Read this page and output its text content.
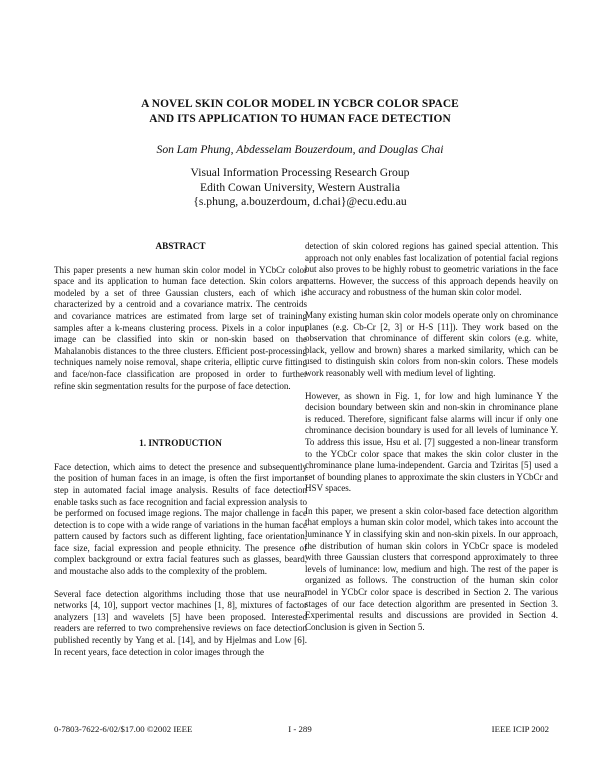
A NOVEL SKIN COLOR MODEL IN YCBCR COLOR SPACE
AND ITS APPLICATION TO HUMAN FACE DETECTION
Son Lam Phung, Abdesselam Bouzerdoum, and Douglas Chai
Visual Information Processing Research Group
Edith Cowan University, Western Australia
{s.phung, a.bouzerdoum, d.chai}@ecu.edu.au
ABSTRACT

This paper presents a new human skin color model in YCbCr color space and its application to human face detection. Skin colors are modeled by a set of three Gaussian clusters, each of which is characterized by a centroid and a covariance matrix. The centroids and covariance matrices are estimated from large set of training samples after a k-means clustering process. Pixels in a color input image can be classified into skin or non-skin based on the Mahalanobis distances to the three clusters. Efficient post-processing techniques namely noise removal, shape criteria, elliptic curve fitting and face/non-face classification are proposed in order to further refine skin segmentation results for the purpose of face detection.

1. INTRODUCTION

Face detection, which aims to detect the presence and subsequently the position of human faces in an image, is often the first important step in automated facial image analysis. Results of face detection enable tasks such as face recognition and facial expression analysis to be performed on focused image regions. The major challenge in face detection is to cope with a wide range of variations in the human face pattern caused by factors such as different lighting, face orientation, face size, facial expression and people ethnicity. The presence of complex background or extra facial features such as glasses, beard, and moustache also adds to the complexity of the problem.

Several face detection algorithms including those that use neural networks [4, 10], support vector machines [1, 8], mixtures of factor analyzers [13] and wavelets [5] have been proposed. Interested readers are referred to two comprehensive reviews on face detection published recently by Yang et al. [14], and by Hjelmas and Low [6]. In recent years, face detection in color images through the

detection of skin colored regions has gained special attention. This approach not only enables fast localization of potential facial regions but also proves to be highly robust to geometric variations in the face patterns. However, the success of this approach depends heavily on the accuracy and robustness of the human skin color model.

Many existing human skin color models operate only on chrominance planes (e.g. Cb-Cr [2, 3] or H-S [11]). They work based on the observation that chrominance of different skin colors (e.g. white, black, yellow and brown) shares a marked similarity, which can be used to distinguish skin colors from non-skin colors. These models work reasonably well with medium level of lighting.

However, as shown in Fig. 1, for low and high luminance Y the decision boundary between skin and non-skin in chrominance plane is reduced. Therefore, significant false alarms will incur if only one chrominance decision boundary is used for all levels of luminance Y. To address this issue, Hsu et al. [7] suggested a non-linear transform to the YCbCr color space that makes the skin color cluster in the chrominance plane luma-independent. Garcia and Tziritas [5] used a set of bounding planes to approximate the skin clusters in YCbCr and HSV spaces.

In this paper, we present a skin color-based face detection algorithm that employs a human skin color model, which takes into account the luminance Y in classifying skin and non-skin pixels. In our approach, the distribution of human skin colors in YCbCr space is modeled with three Gaussian clusters that correspond approximately to three levels of luminance: low, medium and high. The rest of the paper is organized as follows. The construction of the human skin color model in YCbCr color space is described in Section 2. The various stages of our face detection algorithm are presented in Section 3. Experimental results and discussions are provided in Section 4. Conclusion is given in Section 5.

0-7803-7622-6/02/$17.00 ©2002 IEEE	I - 289	IEEE ICIP 2002
